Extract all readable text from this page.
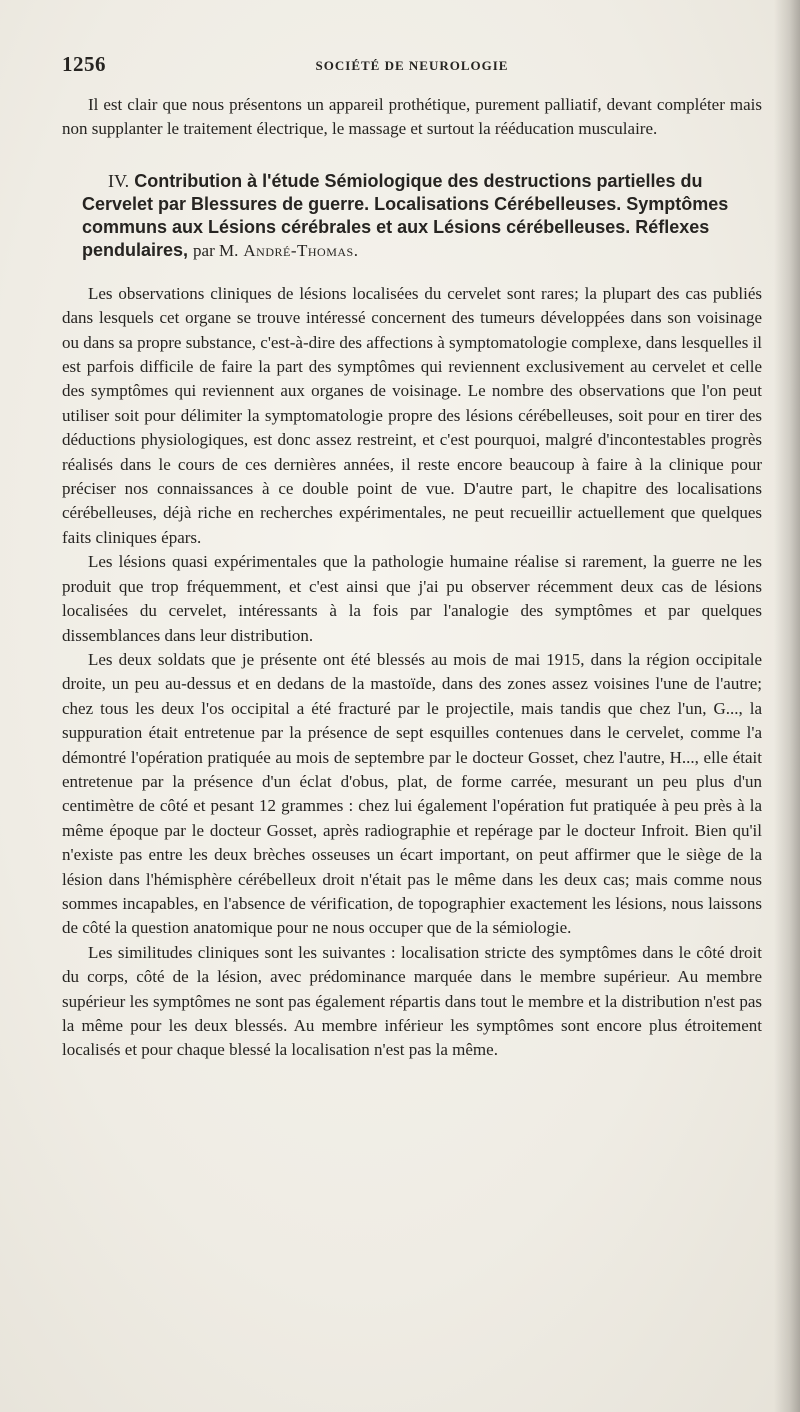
1256	SOCIÉTÉ DE NEUROLOGIE

Il est clair que nous présentons un appareil prothétique, purement palliatif, devant compléter mais non supplanter le traitement électrique, le massage et surtout la rééducation musculaire.

IV. Contribution à l'étude Sémiologique des destructions partielles du Cervelet par Blessures de guerre. Localisations Cérébelleuses. Symptômes communs aux Lésions cérébrales et aux Lésions cérébelleuses. Réflexes pendulaires, par M. André-Thomas.

Les observations cliniques de lésions localisées du cervelet sont rares; la plupart des cas publiés dans lesquels cet organe se trouve intéressé concernent des tumeurs développées dans son voisinage ou dans sa propre substance, c'est-à-dire des affections à symptomatologie complexe, dans lesquelles il est parfois difficile de faire la part des symptômes qui reviennent exclusivement au cervelet et celle des symptômes qui reviennent aux organes de voisinage. Le nombre des observations que l'on peut utiliser soit pour délimiter la symptomatologie propre des lésions cérébelleuses, soit pour en tirer des déductions physiologiques, est donc assez restreint, et c'est pourquoi, malgré d'incontestables progrès réalisés dans le cours de ces dernières années, il reste encore beaucoup à faire à la clinique pour préciser nos connaissances à ce double point de vue. D'autre part, le chapitre des localisations cérébelleuses, déjà riche en recherches expérimentales, ne peut recueillir actuellement que quelques faits cliniques épars.

Les lésions quasi expérimentales que la pathologie humaine réalise si rarement, la guerre ne les produit que trop fréquemment, et c'est ainsi que j'ai pu observer récemment deux cas de lésions localisées du cervelet, intéressants à la fois par l'analogie des symptômes et par quelques dissemblances dans leur distribution.

Les deux soldats que je présente ont été blessés au mois de mai 1915, dans la région occipitale droite, un peu au-dessus et en dedans de la mastoïde, dans des zones assez voisines l'une de l'autre; chez tous les deux l'os occipital a été fracturé par le projectile, mais tandis que chez l'un, G..., la suppuration était entretenue par la présence de sept esquilles contenues dans le cervelet, comme l'a démontré l'opération pratiquée au mois de septembre par le docteur Gosset, chez l'autre, H..., elle était entretenue par la présence d'un éclat d'obus, plat, de forme carrée, mesurant un peu plus d'un centimètre de côté et pesant 12 grammes : chez lui également l'opération fut pratiquée à peu près à la même époque par le docteur Gosset, après radiographie et repérage par le docteur Infroit. Bien qu'il n'existe pas entre les deux brèches osseuses un écart important, on peut affirmer que le siège de la lésion dans l'hémisphère cérébelleux droit n'était pas le même dans les deux cas; mais comme nous sommes incapables, en l'absence de vérification, de topographier exactement les lésions, nous laissons de côté la question anatomique pour ne nous occuper que de la sémiologie.

Les similitudes cliniques sont les suivantes : localisation stricte des symptômes dans le côté droit du corps, côté de la lésion, avec prédominance marquée dans le membre supérieur. Au membre supérieur les symptômes ne sont pas également répartis dans tout le membre et la distribution n'est pas la même pour les deux blessés. Au membre inférieur les symptômes sont encore plus étroitement localisés et pour chaque blessé la localisation n'est pas la même.
